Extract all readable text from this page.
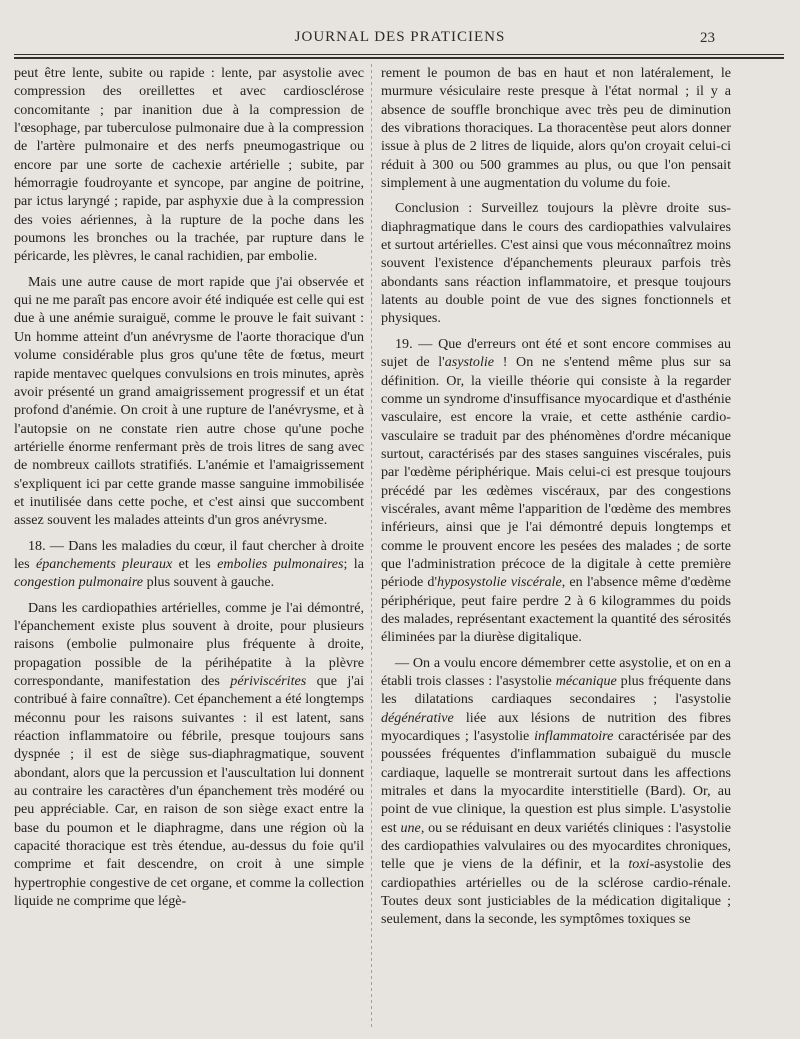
JOURNAL DES PRATICIENS	23

peut être lente, subite ou rapide : lente, par asystolie avec compression des oreillettes et avec cardiosclérose concomitante ; par inanition due à la compression de l'œsophage, par tuberculose pulmonaire due à la compression de l'artère pulmonaire et des nerfs pneumogastrique ou encore par une sorte de cachexie artérielle ; subite, par hémorragie foudroyante et syncope, par angine de poitrine, par ictus laryngé ; rapide, par asphyxie due à la compression des voies aériennes, à la rupture de la poche dans les poumons les bronches ou la trachée, par rupture dans le péricarde, les plèvres, le canal rachidien, par embolie.

Mais une autre cause de mort rapide que j'ai observée et qui ne me paraît pas encore avoir été indiquée est celle qui est due à une anémie suraiguë, comme le prouve le fait suivant : Un homme atteint d'un anévrysme de l'aorte thoracique d'un volume considérable plus gros qu'une tête de fœtus, meurt rapide mentavec quelques convulsions en trois minutes, après avoir présenté un grand amaigrissement progressif et un état profond d'anémie. On croit à une rupture de l'anévrysme, et à l'autopsie on ne constate rien autre chose qu'une poche artérielle énorme renfermant près de trois litres de sang avec de nombreux caillots stratifiés. L'anémie et l'amaigrissement s'expliquent ici par cette grande masse sanguine immobilisée et inutilisée dans cette poche, et c'est ainsi que succombent assez souvent les malades atteints d'un gros anévrysme.

18. — Dans les maladies du cœur, il faut chercher à droite les épanchements pleuraux et les embolies pulmonaires; la congestion pulmonaire plus souvent à gauche.

Dans les cardiopathies artérielles, comme je l'ai démontré, l'épanchement existe plus souvent à droite, pour plusieurs raisons (embolie pulmonaire plus fréquente à droite, propagation possible de la périhépatite à la plèvre correspondante, manifestation des périviscérites que j'ai contribué à faire connaître). Cet épanchement a été longtemps méconnu pour les raisons suivantes : il est latent, sans réaction inflammatoire ou fébrile, presque toujours sans dyspnée ; il est de siège sus-diaphragmatique, souvent abondant, alors que la percussion et l'auscultation lui donnent au contraire les caractères d'un épanchement très modéré ou peu appréciable. Car, en raison de son siège exact entre la base du poumon et le diaphragme, dans une région où la capacité thoracique est très étendue, au-dessus du foie qu'il comprime et fait descendre, on croit à une simple hypertrophie congestive de cet organe, et comme la collection liquide ne comprime que légè-

rement le poumon de bas en haut et non latéralement, le murmure vésiculaire reste presque à l'état normal ; il y a absence de souffle bronchique avec très peu de diminution des vibrations thoraciques. La thoracentèse peut alors donner issue à plus de 2 litres de liquide, alors qu'on croyait celui-ci réduit à 300 ou 500 grammes au plus, ou que l'on pensait simplement à une augmentation du volume du foie.

Conclusion : Surveillez toujours la plèvre droite sus-diaphragmatique dans le cours des cardiopathies valvulaires et surtout artérielles. C'est ainsi que vous méconnaîtrez moins souvent l'existence d'épanchements pleuraux parfois très abondants sans réaction inflammatoire, et presque toujours latents au double point de vue des signes fonctionnels et physiques.

19. — Que d'erreurs ont été et sont encore commises au sujet de l'asystolie ! On ne s'entend même plus sur sa définition. Or, la vieille théorie qui consiste à la regarder comme un syndrome d'insuffisance myocardique et d'asthénie vasculaire, est encore la vraie, et cette asthénie cardio-vasculaire se traduit par des phénomènes d'ordre mécanique surtout, caractérisés par des stases sanguines viscérales, puis par l'œdème périphérique. Mais celui-ci est presque toujours précédé par les œdèmes viscéraux, par des congestions viscérales, avant même l'apparition de l'œdème des membres inférieurs, ainsi que je l'ai démontré depuis longtemps et comme le prouvent encore les pesées des malades ; de sorte que l'administration précoce de la digitale à cette première période d'hyposystolie viscérale, en l'absence même d'œdème périphérique, peut faire perdre 2 à 6 kilogrammes du poids des malades, représentant exactement la quantité des sérosités éliminées par la diurèse digitalique.

— On a voulu encore démembrer cette asystolie, et on en a établi trois classes : l'asystolie mécanique plus fréquente dans les dilatations cardiaques secondaires ; l'asystolie dégénérative liée aux lésions de nutrition des fibres myocardiques ; l'asystolie inflammatoire caractérisée par des poussées fréquentes d'inflammation subaiguë du muscle cardiaque, laquelle se montrerait surtout dans les affections mitrales et dans la myocardite interstitielle (Bard). Or, au point de vue clinique, la question est plus simple. L'asystolie est une, ou se réduisant en deux variétés cliniques : l'asystolie des cardiopathies valvulaires ou des myocardites chroniques, telle que je viens de la définir, et la toxi-asystolie des cardiopathies artérielles ou de la sclérose cardio-rénale. Toutes deux sont justiciables de la médication digitalique ; seulement, dans la seconde, les symptômes toxiques se
